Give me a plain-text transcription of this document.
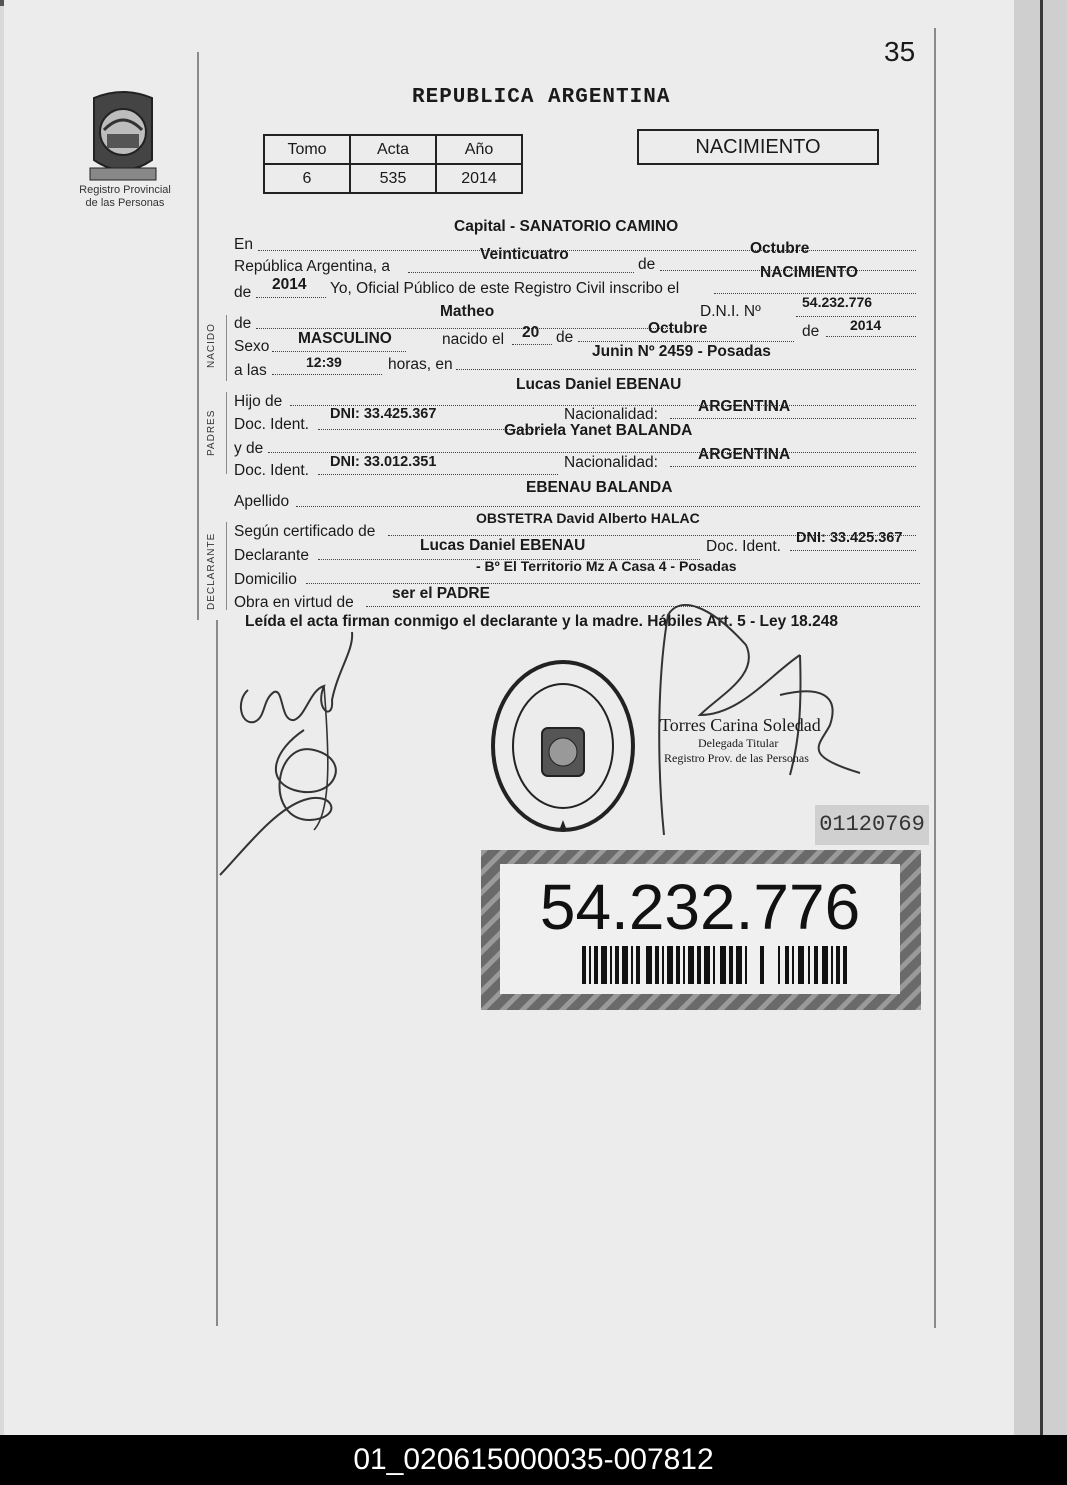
35
REPUBLICA ARGENTINA
Registro Provincial
de las Personas
Tomo	Acta	Año
6	535	2014
NACIMIENTO
NACIDO
PADRES
DECLARANTE
En
Capital - SANATORIO CAMINO
República Argentina, a
Veinticuatro
de
Octubre
de 2014 Yo, Oficial Público de este Registro Civil inscribo el
NACIMIENTO
de
Matheo	D.N.I. Nº
54.232.776
Sexo MASCULINO	nacido el 20 de
Octubre	de 2014
a las	12:39	horas, en
Junin Nº 2459 - Posadas
Hijo de
Lucas Daniel EBENAU
Doc. Ident.
DNI: 33.425.367	Nacionalidad:	ARGENTINA
y de
Gabriela Yanet BALANDA
Doc. Ident. DNI: 33.012.351	Nacionalidad:	ARGENTINA
Apellido
EBENAU BALANDA
Según certificado de
OBSTETRA David Alberto HALAC
Declarante
Lucas Daniel EBENAU	Doc. Ident. DNI: 33.425.367
Domicilio
- Bº El Territorio Mz A Casa 4 - Posadas
Obra en virtud de
ser el PADRE
Leída el acta firman conmigo el declarante y la madre. Hábiles Art. 5 - Ley 18.248
Torres Carina Soledad
Delegada Titular
Registro Prov. de las Personas
01120769
54.232.776
01_020615000035-007812
